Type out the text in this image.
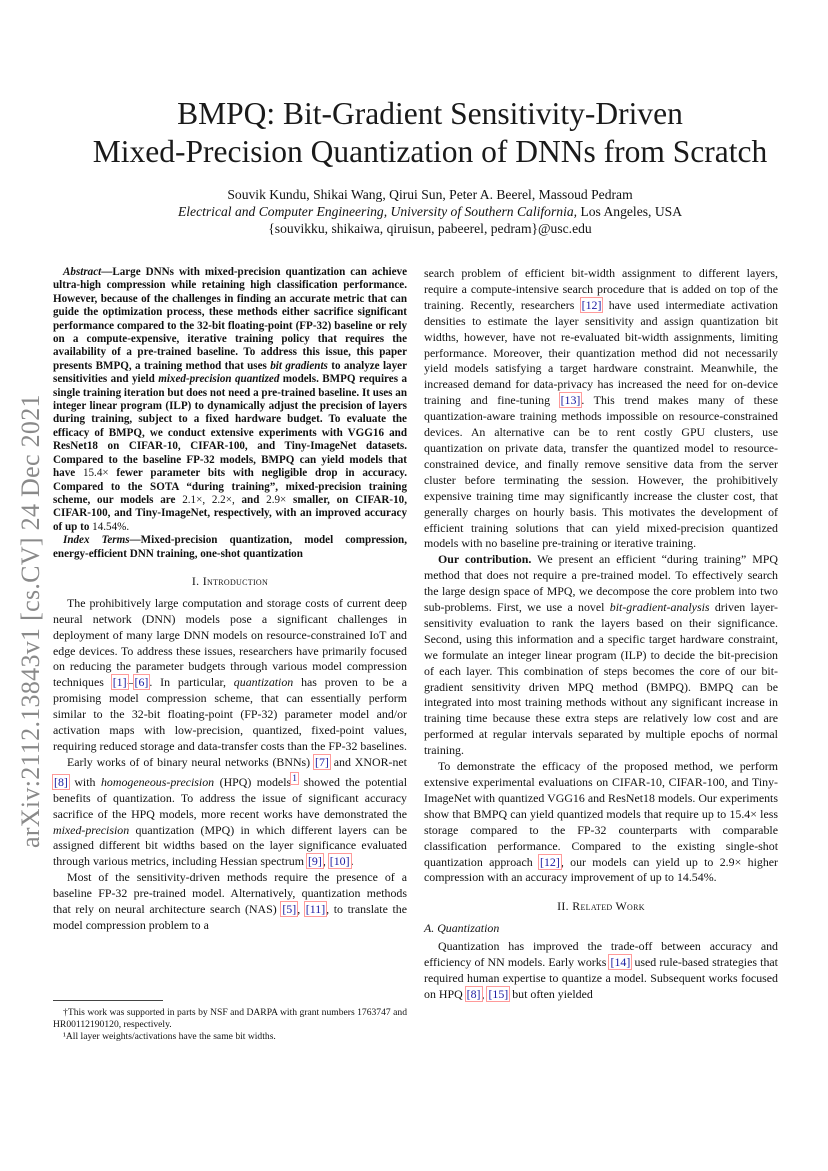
arXiv:2112.13843v1 [cs.CV] 24 Dec 2021
BMPQ: Bit-Gradient Sensitivity-Driven
Mixed-Precision Quantization of DNNs from Scratch
Souvik Kundu, Shikai Wang, Qirui Sun, Peter A. Beerel, Massoud Pedram
Electrical and Computer Engineering, University of Southern California, Los Angeles, USA
{souvikku, shikaiwa, qiruisun, pabeerel, pedram}@usc.edu

Abstract—Large DNNs with mixed-precision quantization can achieve ultra-high compression while retaining high classification performance. However, because of the challenges in finding an accurate metric that can guide the optimization process, these methods either sacrifice significant performance compared to the 32-bit floating-point (FP-32) baseline or rely on a compute-expensive, iterative training policy that requires the availability of a pre-trained baseline. To address this issue, this paper presents BMPQ, a training method that uses bit gradients to analyze layer sensitivities and yield mixed-precision quantized models. BMPQ requires a single training iteration but does not need a pre-trained baseline. It uses an integer linear program (ILP) to dynamically adjust the precision of layers during training, subject to a fixed hardware budget. To evaluate the efficacy of BMPQ, we conduct extensive experiments with VGG16 and ResNet18 on CIFAR-10, CIFAR-100, and Tiny-ImageNet datasets. Compared to the baseline FP-32 models, BMPQ can yield models that have 15.4× fewer parameter bits with negligible drop in accuracy. Compared to the SOTA “during training”, mixed-precision training scheme, our models are 2.1×, 2.2×, and 2.9× smaller, on CIFAR-10, CIFAR-100, and Tiny-ImageNet, respectively, with an improved accuracy of up to 14.54%.

Index Terms—Mixed-precision quantization, model compression, energy-efficient DNN training, one-shot quantization

I. Introduction

The prohibitively large computation and storage costs of current deep neural network (DNN) models pose a significant challenges in deployment of many large DNN models on resource-constrained IoT and edge devices. To address these issues, researchers have primarily focused on reducing the parameter budgets through various model compression techniques [1]–[6]. In particular, quantization has proven to be a promising model compression scheme, that can essentially perform similar to the 32-bit floating-point (FP-32) parameter model and/or activation maps with low-precision, quantized, fixed-point values, requiring reduced storage and data-transfer costs than the FP-32 baselines.

Early works of of binary neural networks (BNNs) [7] and XNOR-net [8] with homogeneous-precision (HPQ) models$^1$ showed the potential benefits of quantization. To address the issue of significant accuracy sacrifice of the HPQ models, more recent works have demonstrated the mixed-precision quantization (MPQ) in which different layers can be assigned different bit widths based on the layer significance evaluated through various metrics, including Hessian spectrum [9], [10].

Most of the sensitivity-driven methods require the presence of a baseline FP-32 pre-trained model. Alternatively, quantization methods that rely on neural architecture search (NAS) [5], [11], to translate the model compression problem to a

†This work was supported in parts by NSF and DARPA with grant numbers 1763747 and HR00112190120, respectively.

¹All layer weights/activations have the same bit widths.

search problem of efficient bit-width assignment to different layers, require a compute-intensive search procedure that is added on top of the training. Recently, researchers [12] have used intermediate activation densities to estimate the layer sensitivity and assign quantization bit widths, however, have not re-evaluated bit-width assignments, limiting performance. Moreover, their quantization method did not necessarily yield models satisfying a target hardware constraint. Meanwhile, the increased demand for data-privacy has increased the need for on-device training and fine-tuning [13]. This trend makes many of these quantization-aware training methods impossible on resource-constrained devices. An alternative can be to rent costly GPU clusters, use quantization on private data, transfer the quantized model to resource-constrained device, and finally remove sensitive data from the server cluster before terminating the session. However, the prohibitively expensive training time may significantly increase the cluster cost, that generally charges on hourly basis. This motivates the development of efficient training solutions that can yield mixed-precision quantized models with no baseline pre-training or iterative training.

Our contribution. We present an efficient “during training” MPQ method that does not require a pre-trained model. To effectively search the large design space of MPQ, we decompose the core problem into two sub-problems. First, we use a novel bit-gradient-analysis driven layer-sensitivity evaluation to rank the layers based on their significance. Second, using this information and a specific target hardware constraint, we formulate an integer linear program (ILP) to decide the bit-precision of each layer. This combination of steps becomes the core of our bit-gradient sensitivity driven MPQ method (BMPQ). BMPQ can be integrated into most training methods without any significant increase in training time because these extra steps are relatively low cost and are performed at regular intervals separated by multiple epochs of normal training.

To demonstrate the efficacy of the proposed method, we perform extensive experimental evaluations on CIFAR-10, CIFAR-100, and Tiny-ImageNet with quantized VGG16 and ResNet18 models. Our experiments show that BMPQ can yield quantized models that require up to 15.4× less storage compared to the FP-32 counterparts with comparable classification performance. Compared to the existing single-shot quantization approach [12], our models can yield up to 2.9× higher compression with an accuracy improvement of up to 14.54%.

II. Related Work
A. Quantization

Quantization has improved the trade-off between accuracy and efficiency of NN models. Early works [14] used rule-based strategies that required human expertise to quantize a model. Subsequent works focused on HPQ [8], [15] but often yielded
